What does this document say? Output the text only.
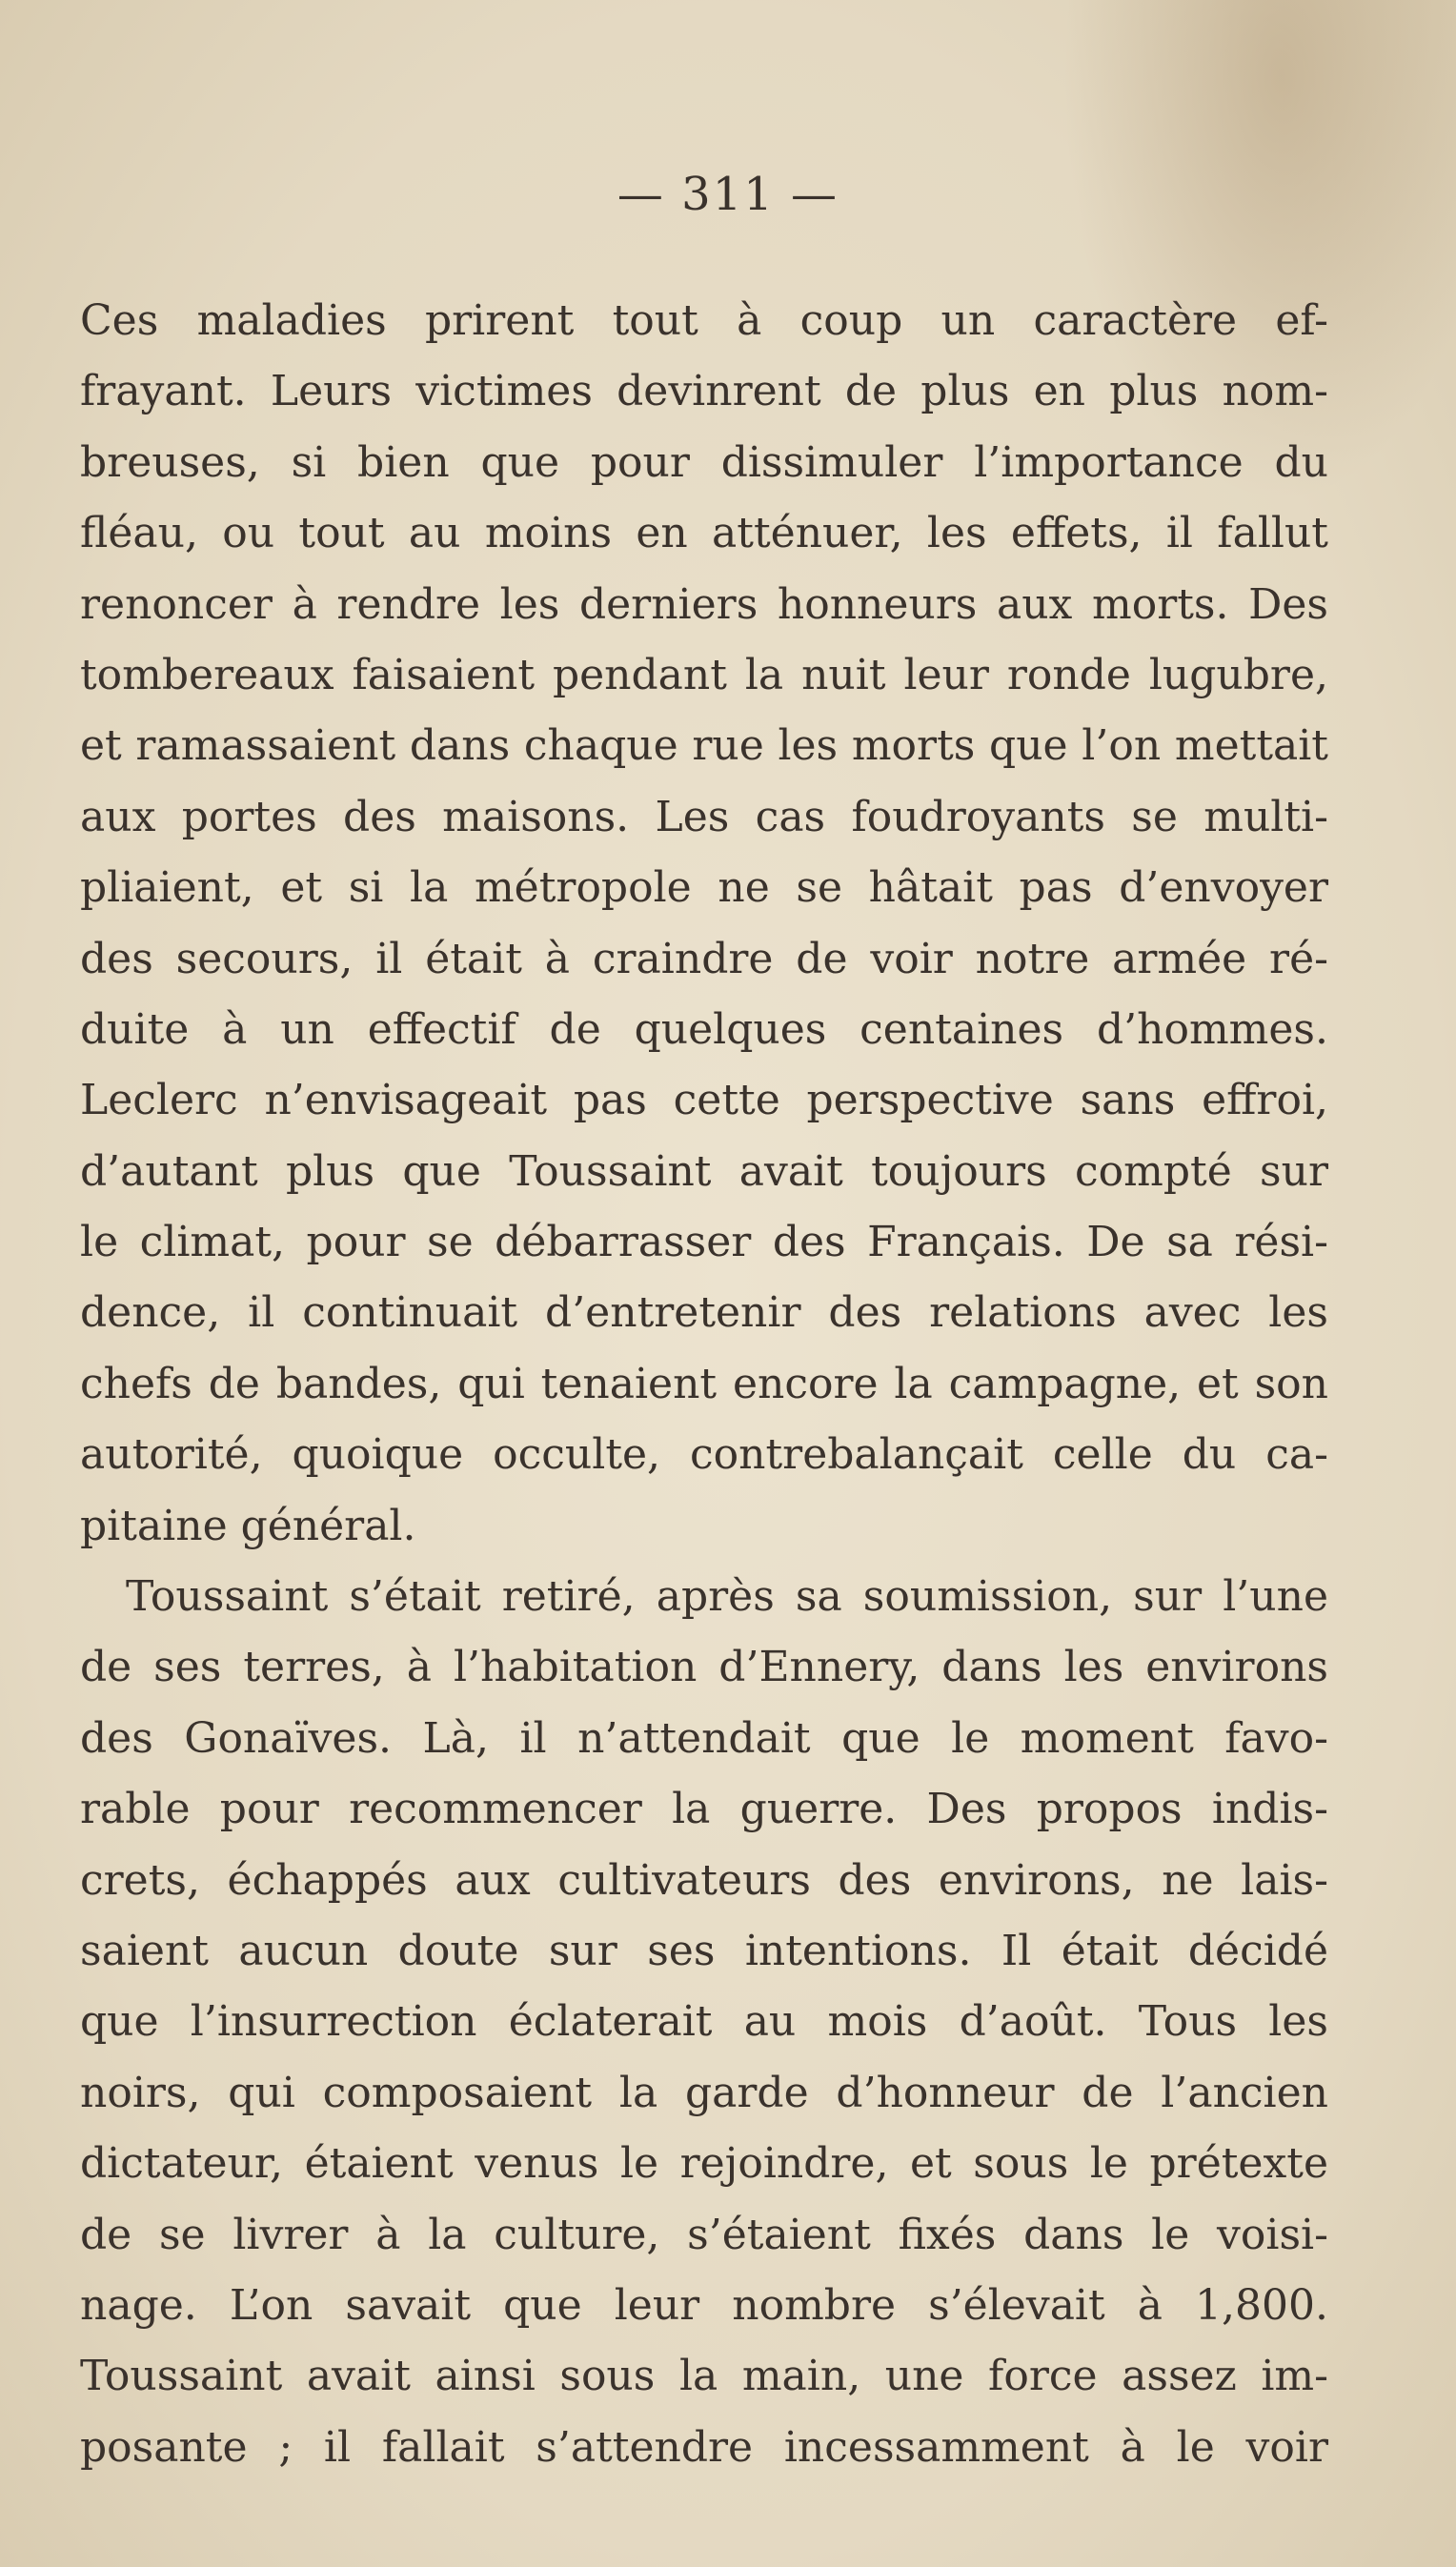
— 311 —
Ces maladies prirent tout à coup un caractère ef-
frayant. Leurs victimes devinrent de plus en plus nom-
breuses, si bien que pour dissimuler l’importance du
fléau, ou tout au moins en atténuer, les effets, il fallut
renoncer à rendre les derniers honneurs aux morts. Des
tombereaux faisaient pendant la nuit leur ronde lugubre,
et ramassaient dans chaque rue les morts que l’on mettait
aux portes des maisons. Les cas foudroyants se multi-
pliaient, et si la métropole ne se hâtait pas d’envoyer
des secours, il était à craindre de voir notre armée ré-
duite à un effectif de quelques centaines d’hommes.
Leclerc n’envisageait pas cette perspective sans effroi,
d’autant plus que Toussaint avait toujours compté sur
le climat, pour se débarrasser des Français. De sa rési-
dence, il continuait d’entretenir des relations avec les
chefs de bandes, qui tenaient encore la campagne, et son
autorité, quoique occulte, contrebalançait celle du ca-
pitaine général.
Toussaint s’était retiré, après sa soumission, sur l’une
de ses terres, à l’habitation d’Ennery, dans les environs
des Gonaïves. Là, il n’attendait que le moment favo-
rable pour recommencer la guerre. Des propos indis-
crets, échappés aux cultivateurs des environs, ne lais-
saient aucun doute sur ses intentions. Il était décidé
que l’insurrection éclaterait au mois d’août. Tous les
noirs, qui composaient la garde d’honneur de l’ancien
dictateur, étaient venus le rejoindre, et sous le prétexte
de se livrer à la culture, s’étaient fixés dans le voisi-
nage. L’on savait que leur nombre s’élevait à 1,800.
Toussaint avait ainsi sous la main, une force assez im-
posante ; il fallait s’attendre incessamment à le voir
